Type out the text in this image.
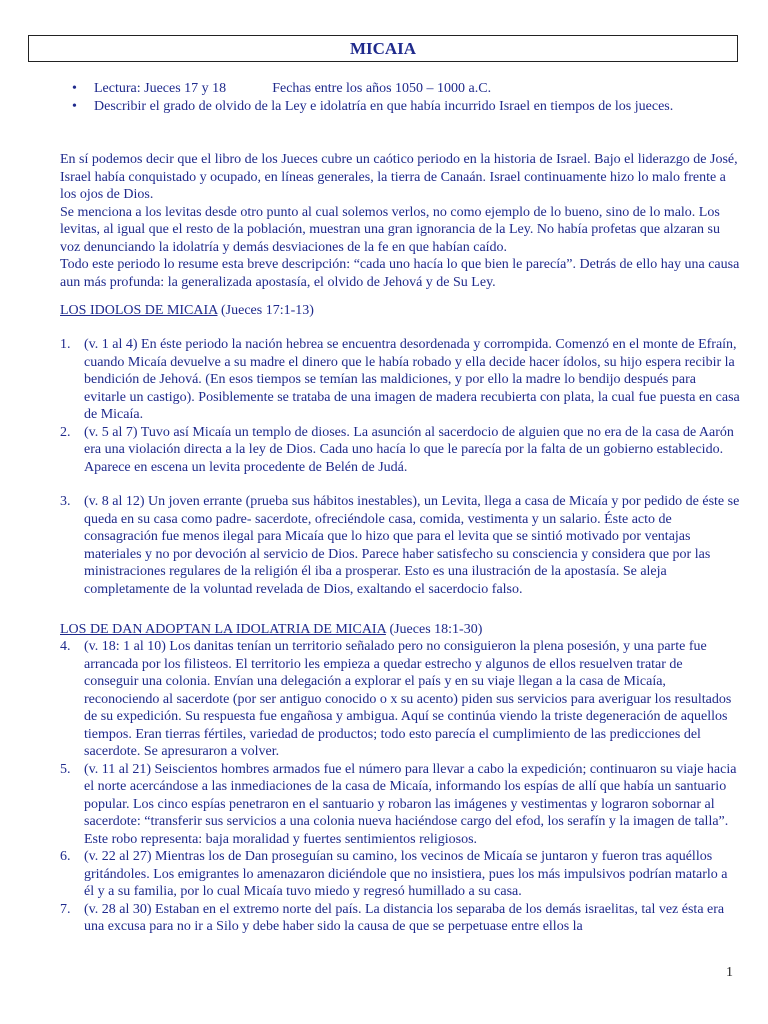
MICAIA
• Lectura: Jueces 17 y 18	Fechas entre los años 1050 – 1000 a.C.
• Describir el grado de olvido de la Ley e idolatría en que había incurrido Israel en tiempos de los jueces.
En sí podemos decir que el libro de los Jueces cubre un caótico periodo en la historia de Israel. Bajo el liderazgo de José, Israel había conquistado y ocupado, en líneas generales, la tierra de Canaán. Israel continuamente hizo lo malo frente a los ojos de Dios.
Se menciona a los levitas desde otro punto al cual solemos verlos, no como ejemplo de lo bueno, sino de lo malo. Los levitas, al igual que el resto de la población, muestran una gran ignorancia de la Ley. No había profetas que alzaran su voz denunciando la idolatría y demás desviaciones de la fe en que habían caído.
Todo este periodo lo resume esta breve descripción: “cada uno hacía lo que bien le parecía”. Detrás de ello hay una causa aun más profunda: la generalizada apostasía, el olvido de Jehová y de Su Ley.
LOS IDOLOS DE MICAIA (Jueces 17:1-13)
1. (v. 1 al 4) En éste periodo la nación hebrea se encuentra desordenada y corrompida. Comenzó en el monte de Efraín, cuando Micaía devuelve a su madre el dinero que le había robado y ella decide hacer ídolos, su hijo espera recibir la bendición de Jehová. (En esos tiempos se temían las maldiciones, y por ello la madre lo bendijo después para evitarle un castigo). Posiblemente se trataba de una imagen de madera recubierta con plata, la cual fue puesta en casa de Micaía.
2. (v. 5 al 7) Tuvo así Micaía un templo de dioses. La asunción al sacerdocio de alguien que no era de la casa de Aarón era una violación directa a la ley de Dios. Cada uno hacía lo que le parecía por la falta de un gobierno establecido. Aparece en escena un levita procedente de Belén de Judá.
3. (v. 8 al 12) Un joven errante (prueba sus hábitos inestables), un Levita, llega a casa de Micaía y por pedido de éste se queda en su casa como padre- sacerdote, ofreciéndole casa, comida, vestimenta y un salario. Éste acto de consagración fue menos ilegal para Micaía que lo hizo que para el levita que se sintió motivado por ventajas materiales y no por devoción al servicio de Dios. Parece haber satisfecho su consciencia y considera que por las ministraciones regulares de la religión él iba a prosperar. Esto es una ilustración de la apostasía. Se aleja completamente de la voluntad revelada de Dios, exaltando el sacerdocio falso.
LOS DE DAN ADOPTAN LA IDOLATRIA DE MICAIA (Jueces 18:1-30)
4. (v. 18: 1 al 10) Los danitas tenían un territorio señalado pero no consiguieron la plena posesión, y una parte fue arrancada por los filisteos. El territorio les empieza a quedar estrecho y algunos de ellos resuelven tratar de conseguir una colonia. Envían una delegación a explorar el país y en su viaje llegan a la casa de Micaía, reconociendo al sacerdote (por ser antiguo conocido o x su acento) piden sus servicios para averiguar los resultados de su expedición. Su respuesta fue engañosa y ambigua. Aquí se continúa viendo la triste degeneración de aquellos tiempos. Eran tierras fértiles, variedad de productos; todo esto parecía el cumplimiento de las predicciones del sacerdote. Se apresuraron a volver.
5. (v. 11 al 21) Seiscientos hombres armados fue el número para llevar a cabo la expedición; continuaron su viaje hacia el norte acercándose a las inmediaciones de la casa de Micaía, informando los espías de allí que había un santuario popular. Los cinco espías penetraron en el santuario y robaron las imágenes y vestimentas y lograron sobornar al sacerdote: “transferir sus servicios a una colonia nueva haciéndose cargo del efod, los serafín y la imagen de talla”. Este robo representa: baja moralidad y fuertes sentimientos religiosos.
6. (v. 22 al 27) Mientras los de Dan proseguían su camino, los vecinos de Micaía se juntaron y fueron tras aquéllos gritándoles. Los emigrantes lo amenazaron diciéndole que no insistiera, pues los más impulsivos podrían matarlo a él y a su familia, por lo cual Micaía tuvo miedo y regresó humillado a su casa.
7. (v. 28 al 30) Estaban en el extremo norte del país. La distancia los separaba de los demás israelitas, tal vez ésta era una excusa para no ir a Silo y debe haber sido la causa de que se perpetuase entre ellos la
1
